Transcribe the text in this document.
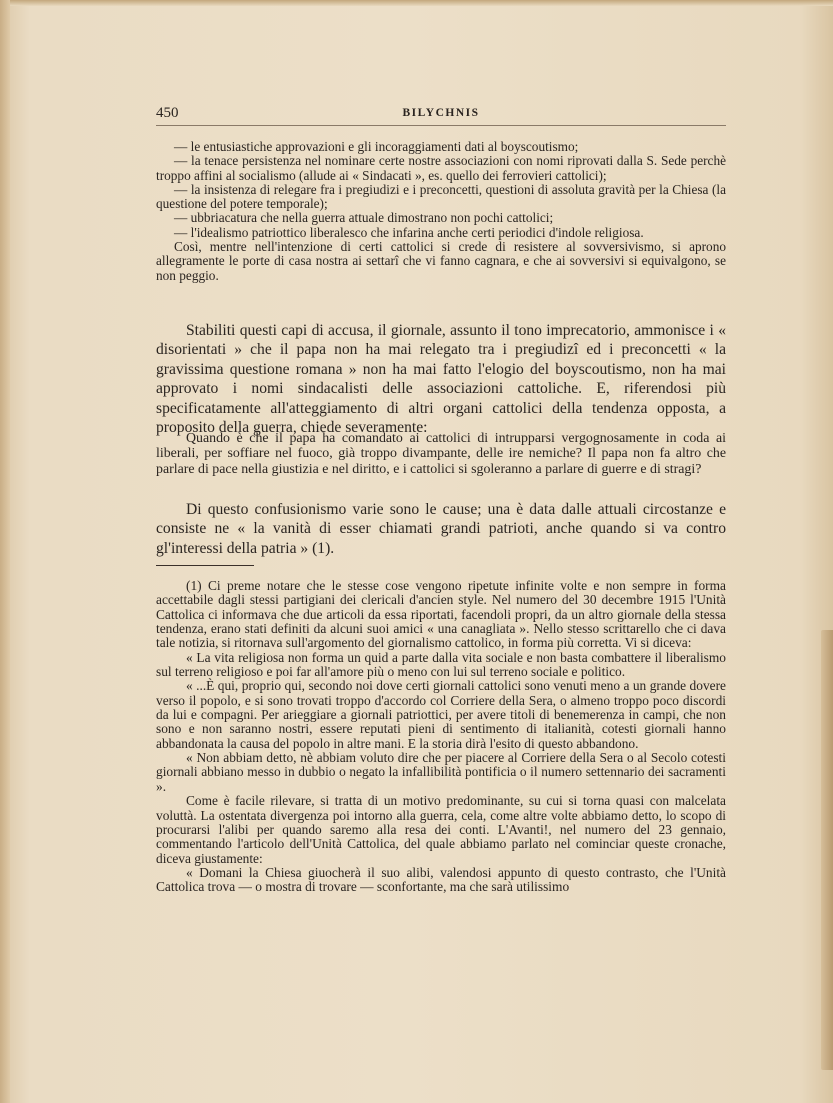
450	BILYCHNIS
— le entusiastiche approvazioni e gli incoraggiamenti dati al boyscoutismo;
— la tenace persistenza nel nominare certe nostre associazioni con nomi riprovati dalla S. Sede perchè troppo affini al socialismo (allude ai « Sindacati », es. quello dei ferrovieri cattolici);
— la insistenza di relegare fra i pregiudizi e i preconcetti, questioni di assoluta gravità per la Chiesa (la questione del potere temporale);
— ubbriacatura che nella guerra attuale dimostrano non pochi cattolici;
— l'idealismo patriottico liberalesco che infarina anche certi periodici d'indole religiosa.
Così, mentre nell'intenzione di certi cattolici si crede di resistere al sovversivismo, si aprono allegramente le porte di casa nostra ai settarî che vi fanno cagnara, e che ai sovversivi si equivalgono, se non peggio.

Stabiliti questi capi di accusa, il giornale, assunto il tono imprecatorio, ammonisce i « disorientati » che il papa non ha mai relegato tra i pregiudizî ed i preconcetti « la gravissima questione romana » non ha mai fatto l'elogio del boyscoutismo, non ha mai approvato i nomi sindacalisti delle associazioni cattoliche. E, riferendosi più specificatamente all'atteggiamento di altri organi cattolici della tendenza opposta, a proposito della guerra, chiede severamente:

Quando è che il papa ha comandato ai cattolici di intrupparsi vergognosamente in coda ai liberali, per soffiare nel fuoco, già troppo divampante, delle ire nemiche? Il papa non fa altro che parlare di pace nella giustizia e nel diritto, e i cattolici si sgoleranno a parlare di guerre e di stragi?

Di questo confusionismo varie sono le cause; una è data dalle attuali circostanze e consiste ne « la vanità di esser chiamati grandi patrioti, anche quando si va contro gl'interessi della patria » (1).

(1) Ci preme notare che le stesse cose vengono ripetute infinite volte e non sempre in forma accettabile dagli stessi partigiani dei clericali d'ancien style. Nel numero del 30 decembre 1915 l'Unità Cattolica ci informava che due articoli da essa riportati, facendoli propri, da un altro giornale della stessa tendenza, erano stati definiti da alcuni suoi amici « una canagliata ». Nello stesso scrittarello che ci dava tale notizia, si ritornava sull'argomento del giornalismo cattolico, in forma più corretta. Vi si diceva:
« La vita religiosa non forma un quid a parte dalla vita sociale e non basta combattere il liberalismo sul terreno religioso e poi far all'amore più o meno con lui sul terreno sociale e politico.
« ...È qui, proprio qui, secondo noi dove certi giornali cattolici sono venuti meno a un grande dovere verso il popolo, e si sono trovati troppo d'accordo col Corriere della Sera, o almeno troppo poco discordi da lui e compagni. Per arieggiare a giornali patriottici, per avere titoli di benemerenza in campi, che non sono e non saranno nostri, essere reputati pieni di sentimento di italianità, cotesti giornali hanno abbandonata la causa del popolo in altre mani. E la storia dirà l'esito di questo abbandono.
« Non abbiam detto, nè abbiam voluto dire che per piacere al Corriere della Sera o al Secolo cotesti giornali abbiano messo in dubbio o negato la infallibilità pontificia o il numero settennario dei sacramenti ».
Come è facile rilevare, si tratta di un motivo predominante, su cui si torna quasi con malcelata voluttà. La ostentata divergenza poi intorno alla guerra, cela, come altre volte abbiamo detto, lo scopo di procurarsi l'alibi per quando saremo alla resa dei conti. L'Avanti!, nel numero del 23 gennaio, commentando l'articolo dell'Unità Cattolica, del quale abbiamo parlato nel cominciar queste cronache, diceva giustamente:
« Domani la Chiesa giuocherà il suo alibi, valendosi appunto di questo contrasto, che l'Unità Cattolica trova — o mostra di trovare — sconfortante, ma che sarà utilissimo
